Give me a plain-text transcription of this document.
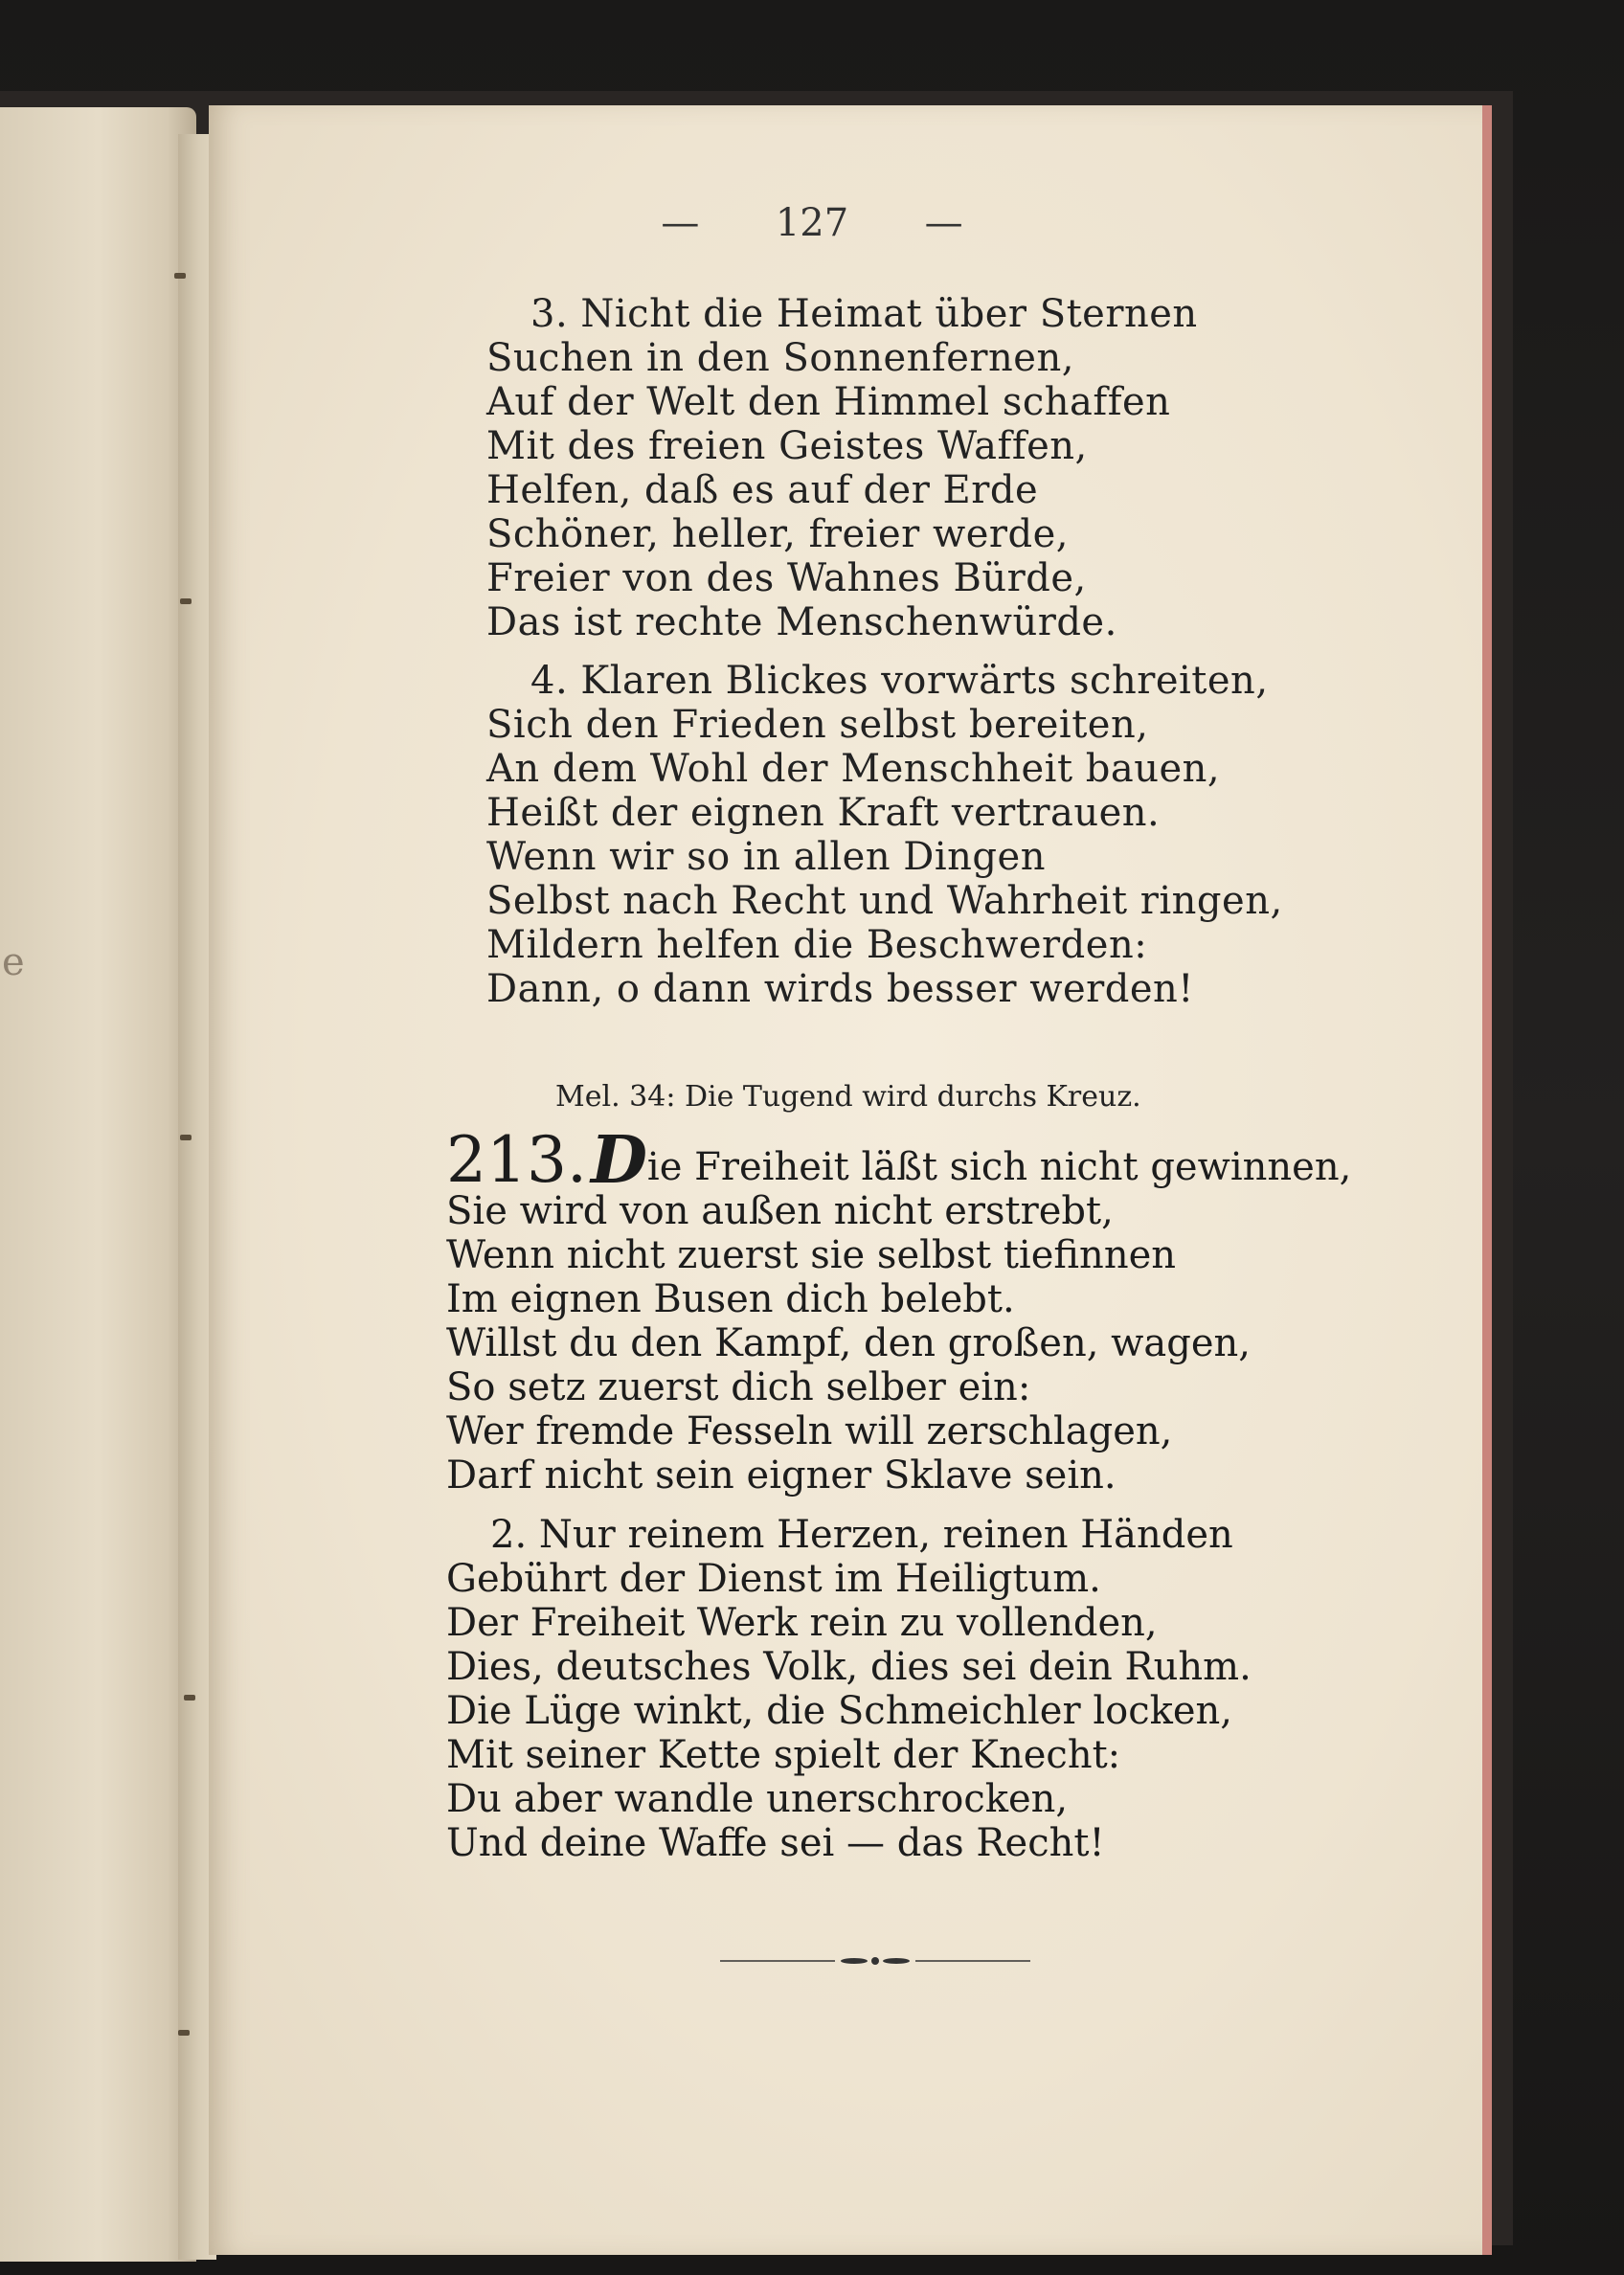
e
— 127 —
3. Nicht die Heimat über Sternen
Suchen in den Sonnenfernen,
Auf der Welt den Himmel schaffen
Mit des freien Geistes Waffen,
Helfen, daß es auf der Erde
Schöner, heller, freier werde,
Freier von des Wahnes Bürde,
Das ist rechte Menschenwürde.
4. Klaren Blickes vorwärts schreiten,
Sich den Frieden selbst bereiten,
An dem Wohl der Menschheit bauen,
Heißt der eignen Kraft vertrauen.
Wenn wir so in allen Dingen
Selbst nach Recht und Wahrheit ringen,
Mildern helfen die Beschwerden:
Dann, o dann wirds besser werden!
Mel. 34: Die Tugend wird durchs Kreuz.
213. D ie Freiheit läßt sich nicht gewinnen,
Sie wird von außen nicht erstrebt,
Wenn nicht zuerst sie selbst tiefinnen
Im eignen Busen dich belebt.
Willst du den Kampf, den großen, wagen,
So setz zuerst dich selber ein:
Wer fremde Fesseln will zerschlagen,
Darf nicht sein eigner Sklave sein.
2. Nur reinem Herzen, reinen Händen
Gebührt der Dienst im Heiligtum.
Der Freiheit Werk rein zu vollenden,
Dies, deutsches Volk, dies sei dein Ruhm.
Die Lüge winkt, die Schmeichler locken,
Mit seiner Kette spielt der Knecht:
Du aber wandle unerschrocken,
Und deine Waffe sei — das Recht!
